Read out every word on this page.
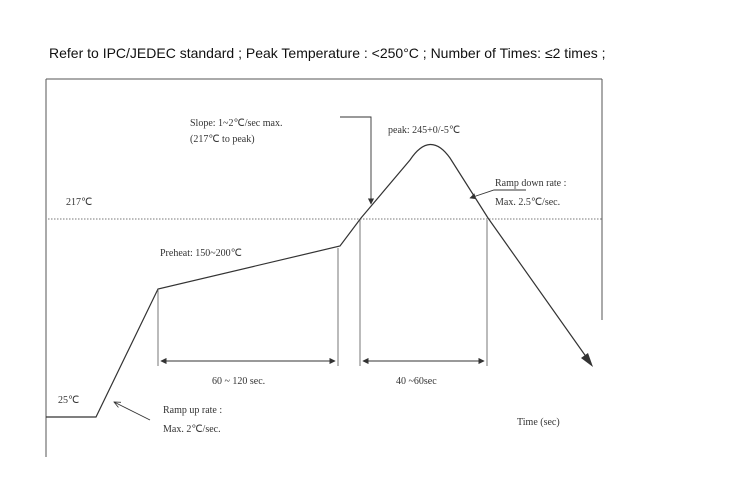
Refer to IPC/JEDEC standard ; Peak Temperature : <250°C ; Number of Times: ≤2 times ;
217℃
25℃
Slope: 1~2℃/sec max.
(217℃ to peak)
peak: 245+0/-5℃
Ramp down rate :
Max. 2.5℃/sec.
Preheat: 150~200℃
60 ~ 120 sec.	40 ~60sec
Ramp up rate :
Max. 2℃/sec.
Time (sec)
